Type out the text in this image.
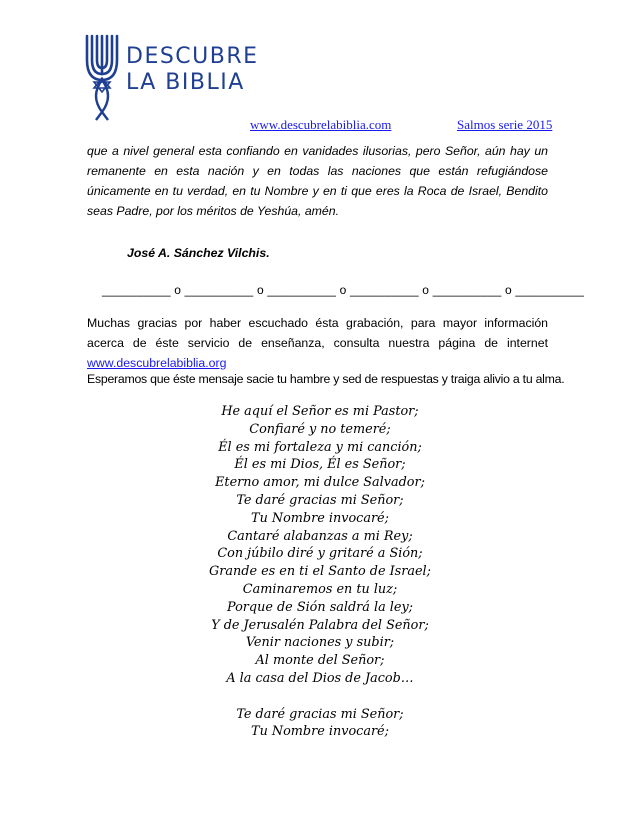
DESCUBRE
LA BIBLIA
www.descubrelabiblia.com	Salmos serie 2015
que a nivel general esta confiando en vanidades ilusorias, pero Señor, aún hay un remanente en esta nación y en todas las naciones que están refugiándose únicamente en tu verdad, en tu Nombre y en ti que eres la Roca de Israel, Bendito seas Padre, por los méritos de Yeshúa, amén.
José A. Sánchez Vilchis.
__________ o __________ o __________ o __________ o __________ o __________
Muchas gracias por haber escuchado ésta grabación, para mayor información acerca de éste servicio de enseñanza, consulta nuestra página de internet www.descubrelabiblia.org
Esperamos que éste mensaje sacie tu hambre y sed de respuestas y traiga alivio a tu alma.
He aquí el Señor es mi Pastor;
Confiaré y no temeré;
Él es mi fortaleza y mi canción;
Él es mi Dios, Él es Señor;
Eterno amor, mi dulce Salvador;
Te daré gracias mi Señor;
Tu Nombre invocaré;
Cantaré alabanzas a mi Rey;
Con júbilo diré y gritaré a Sión;
Grande es en ti el Santo de Israel;
Caminaremos en tu luz;
Porque de Sión saldrá la ley;
Y de Jerusalén Palabra del Señor;
Venir naciones y subir;
Al monte del Señor;
A la casa del Dios de Jacob…
Te daré gracias mi Señor;
Tu Nombre invocaré;
